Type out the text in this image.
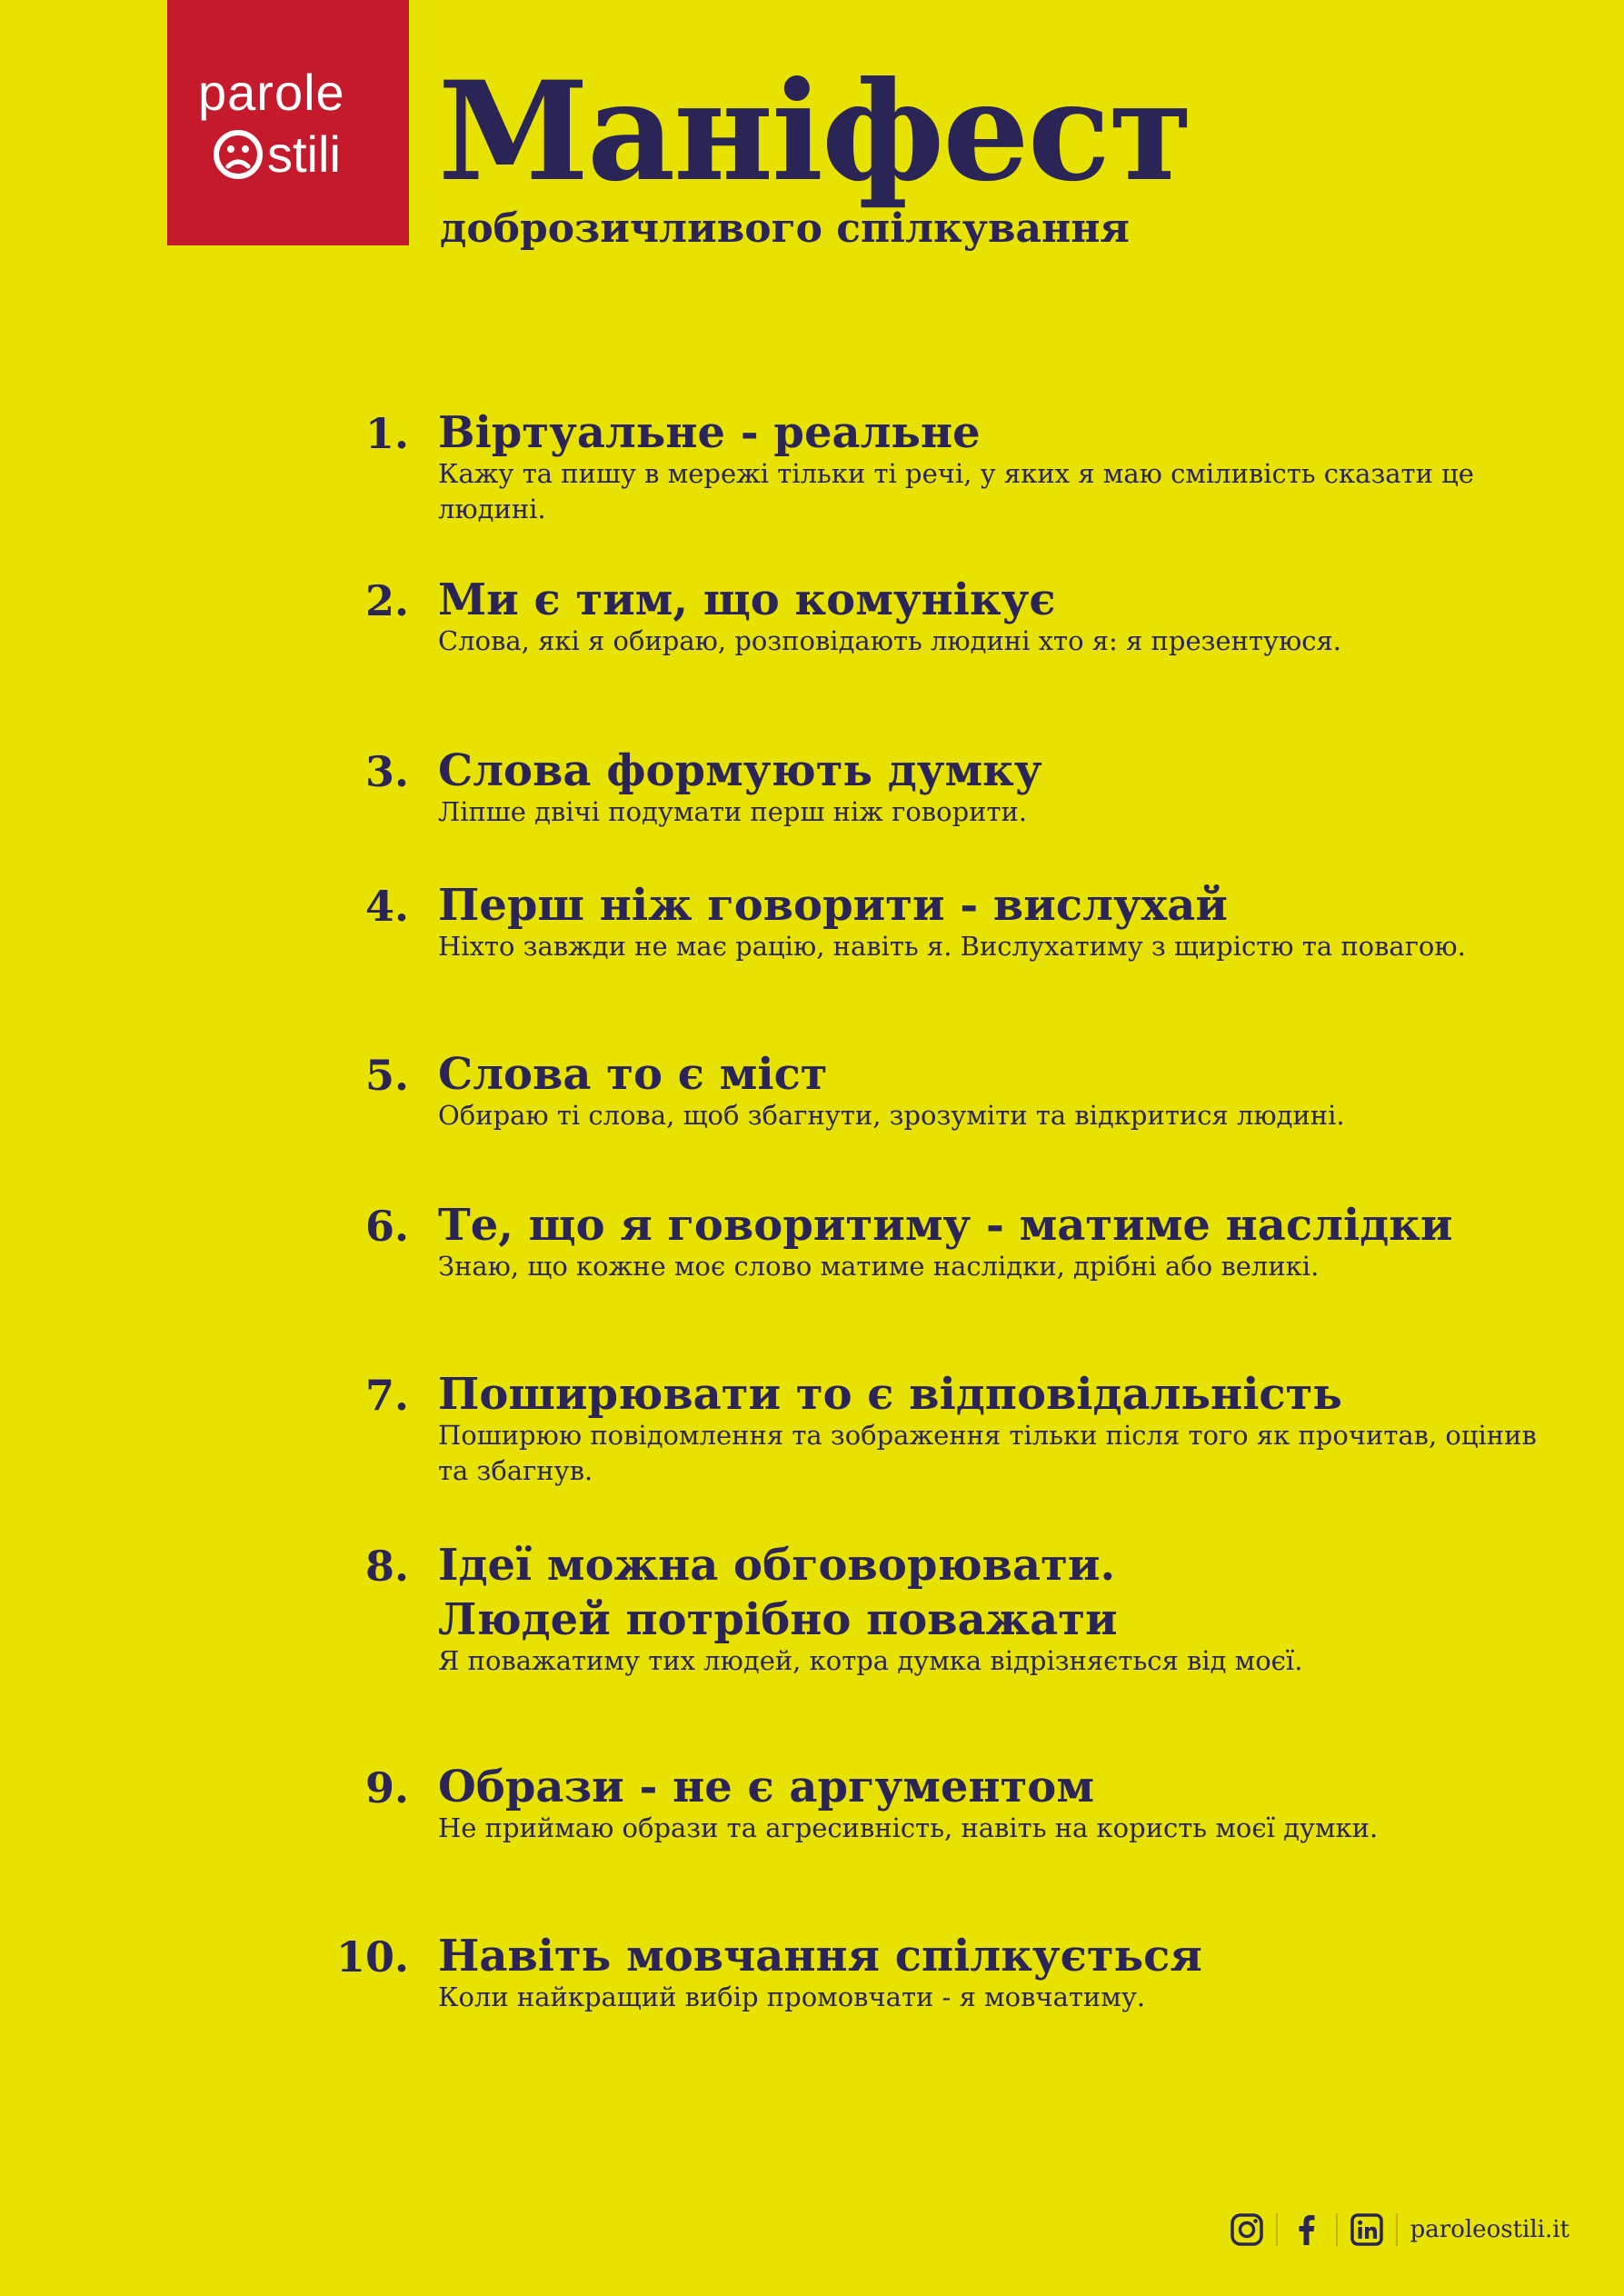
parole
stili Маніфест
доброзичливого спілкування
1. Віртуальне - реальне
Кажу та пишу в мережі тільки ті речі, у яких я маю сміливість сказати це людині.
2. Ми є тим, що комунікує
Слова, які я обираю, розповідають людині хто я: я презентуюся.
3. Слова формують думку
Ліпше двічі подумати перш ніж говорити.
4. Перш ніж говорити - вислухай
Ніхто завжди не має рацію, навіть я. Вислухатиму з щирістю та повагою.
5. Слова то є міст
Обираю ті слова, щоб збагнути, зрозуміти та відкритися людині.
6. Те, що я говоритиму - матиме наслідки
Знаю, що кожне моє слово матиме наслідки, дрібні або великі.
7. Поширювати то є відповідальність
Поширюю повідомлення та зображення тільки після того як прочитав, оцінив та збагнув.
8. Ідеї можна обговорювати.
Людей потрібно поважати
Я поважатиму тих людей, котра думка відрізняється від моєї.
9. Образи - не є аргументом
Не приймаю образи та агресивність, навіть на користь моєї думки.
10. Навіть мовчання спілкується
Коли найкращий вибір промовчати - я мовчатиму.
paroleostili.it
